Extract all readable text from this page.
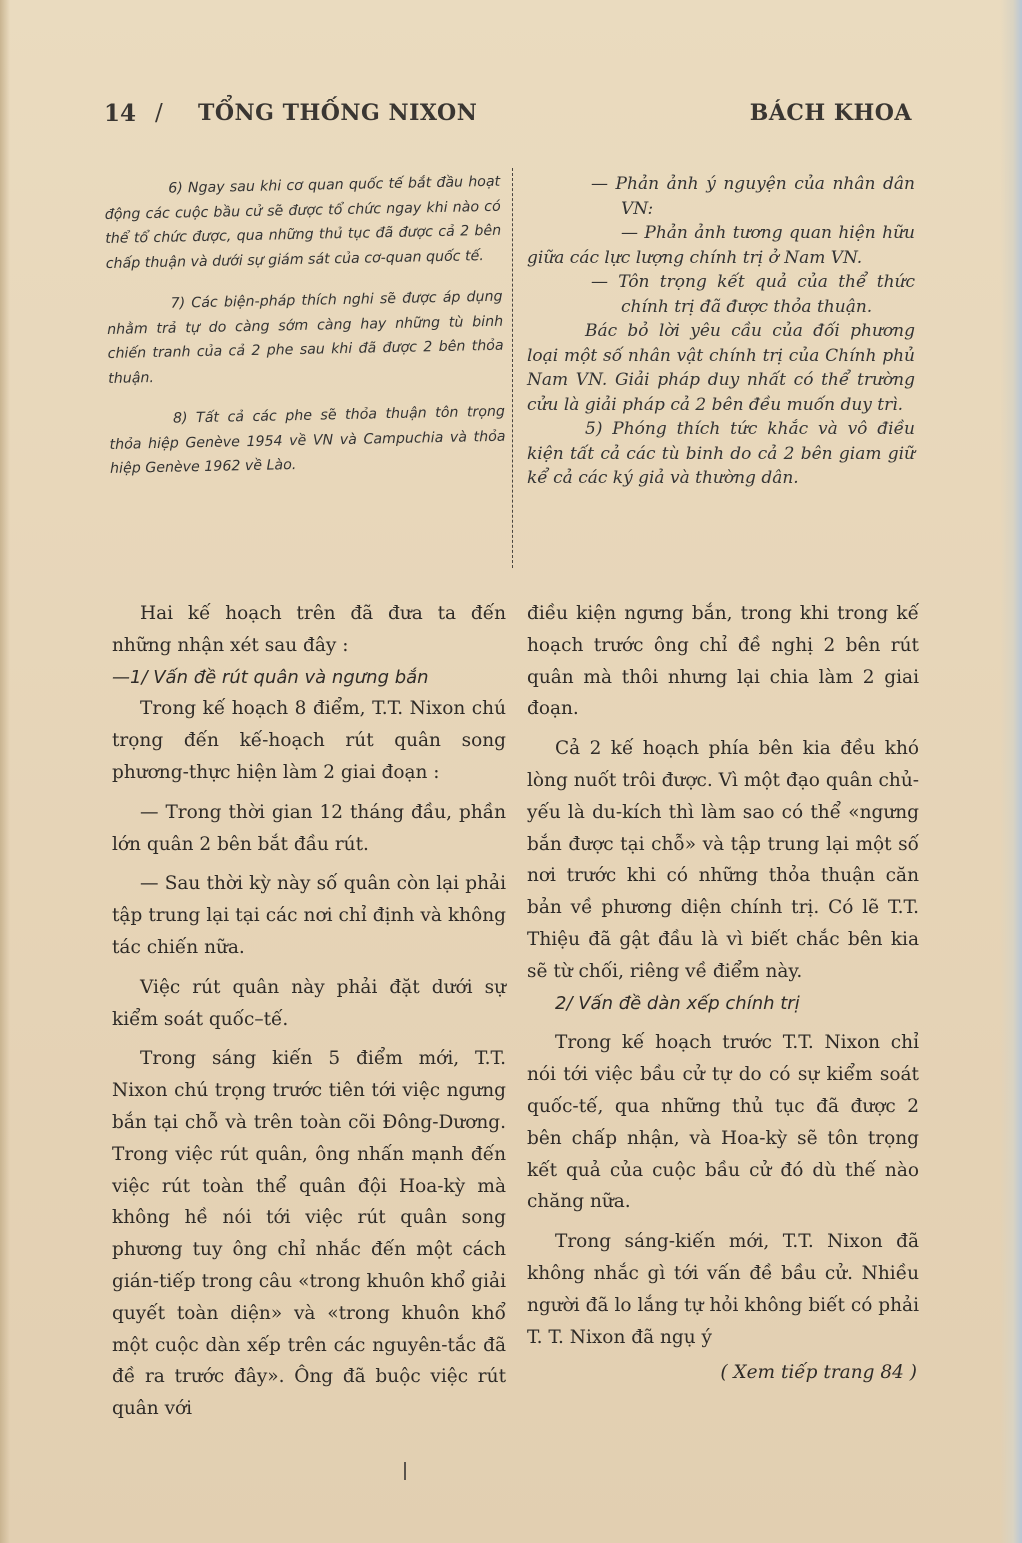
14 / TỔNG THỐNG NIXON	BÁCH KHOA

6) Ngay sau khi cơ quan quốc tế bắt đầu hoạt động các cuộc bầu cử sẽ được tổ chức ngay khi nào có thể tổ chức được, qua những thủ tục đã được cả 2 bên chấp thuận và dưới sự giám sát của cơ-quan quốc tế.

7) Các biện-pháp thích nghi sẽ được áp dụng nhằm trả tự do càng sớm càng hay những tù binh chiến tranh của cả 2 phe sau khi đã được 2 bên thỏa thuận.

8) Tất cả các phe sẽ thỏa thuận tôn trọng thỏa hiệp Genève 1954 về VN và Campuchia và thỏa hiệp Genève 1962 về Lào.

— Phản ảnh ý nguyện của nhân dân VN:

— Phản ảnh tương quan hiện hữu giữa các lực lượng chính trị ở Nam VN.

— Tôn trọng kết quả của thể thức chính trị đã được thỏa thuận.

Bác bỏ lời yêu cầu của đối phương loại một số nhân vật chính trị của Chính phủ Nam VN. Giải pháp duy nhất có thể trường cửu là giải pháp cả 2 bên đều muốn duy trì.

5) Phóng thích tức khắc và vô điều kiện tất cả các tù binh do cả 2 bên giam giữ kể cả các ký giả và thường dân.

Hai kế hoạch trên đã đưa ta đến những nhận xét sau đây :

—1/ Vấn đề rút quân và ngưng bắn

Trong kế hoạch 8 điểm, T.T. Nixon chú trọng đến kế-hoạch rút quân song phương-thực hiện làm 2 giai đoạn :

— Trong thời gian 12 tháng đầu, phần lớn quân 2 bên bắt đầu rút.

— Sau thời kỳ này số quân còn lại phải tập trung lại tại các nơi chỉ định và không tác chiến nữa.

Việc rút quân này phải đặt dưới sự kiểm soát quốc–tế.

Trong sáng kiến 5 điểm mới, T.T. Nixon chú trọng trước tiên tới việc ngưng bắn tại chỗ và trên toàn cõi Đông-Dương. Trong việc rút quân, ông nhấn mạnh đến việc rút toàn thể quân đội Hoa-kỳ mà không hề nói tới việc rút quân song phương tuy ông chỉ nhắc đến một cách gián-tiếp trong câu «trong khuôn khổ giải quyết toàn diện» và «trong khuôn khổ một cuộc dàn xếp trên các nguyên-tắc đã đề ra trước đây». Ông đã buộc việc rút quân với

điều kiện ngưng bắn, trong khi trong kế hoạch trước ông chỉ đề nghị 2 bên rút quân mà thôi nhưng lại chia làm 2 giai đoạn.

Cả 2 kế hoạch phía bên kia đều khó lòng nuốt trôi được. Vì một đạo quân chủ-yếu là du-kích thì làm sao có thể «ngưng bắn được tại chỗ» và tập trung lại một số nơi trước khi có những thỏa thuận căn bản về phương diện chính trị. Có lẽ T.T. Thiệu đã gật đầu là vì biết chắc bên kia sẽ từ chối, riêng về điểm này.

2/ Vấn đề dàn xếp chính trị

Trong kế hoạch trước T.T. Nixon chỉ nói tới việc bầu cử tự do có sự kiểm soát quốc-tế, qua những thủ tục đã được 2 bên chấp nhận, và Hoa-kỳ sẽ tôn trọng kết quả của cuộc bầu cử đó dù thế nào chăng nữa.

Trong sáng-kiến mới, T.T. Nixon đã không nhắc gì tới vấn đề bầu cử. Nhiều người đã lo lắng tự hỏi không biết có phải T. T. Nixon đã ngụ ý

( Xem tiếp trang 84 )
